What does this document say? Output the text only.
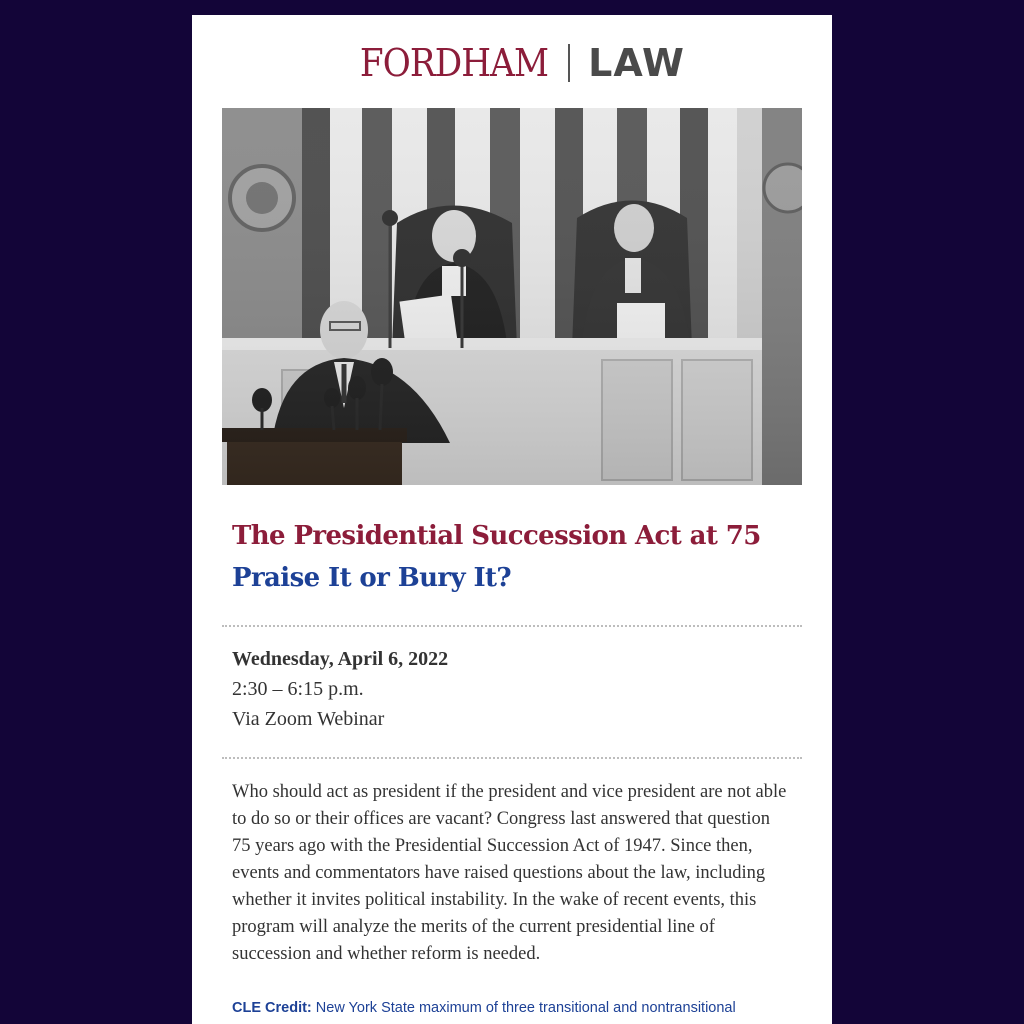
FORDHAM LAW
The Presidential Succession Act at 75
Praise It or Bury It?
Wednesday, April 6, 2022
2:30 – 6:15 p.m.
Via Zoom Webinar
Who should act as president if the president and vice president are not able to do so or their offices are vacant? Congress last answered that question 75 years ago with the Presidential Succession Act of 1947. Since then, events and commentators have raised questions about the law, including whether it invites political instability. In the wake of recent events, this program will analyze the merits of the current presidential line of succession and whether reform is needed.
CLE Credit: New York State maximum of three transitional and nontransitional
